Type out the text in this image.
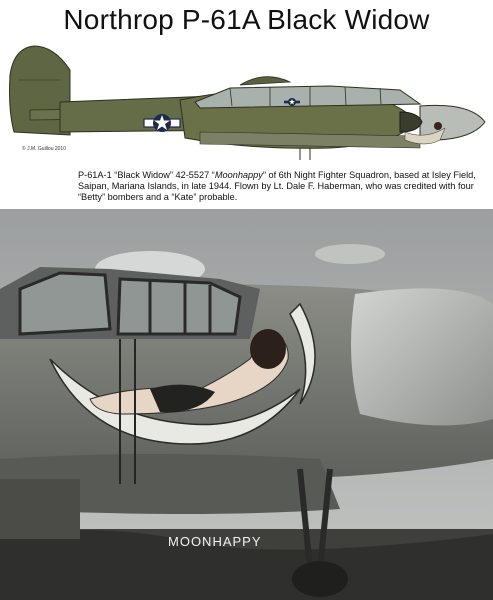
Northrop P-61A Black Widow
© J.M. Guillou 2010
P-61A-1 “Black Widow” 42-5527 “Moonhappy” of 6th Night Fighter Squadron, based at Isley Field, Saipan, Mariana Islands, in late 1944. Flown by Lt. Dale F. Haberman, who was credited with four “Betty” bombers and a “Kate” probable.
MOONHAPPY
